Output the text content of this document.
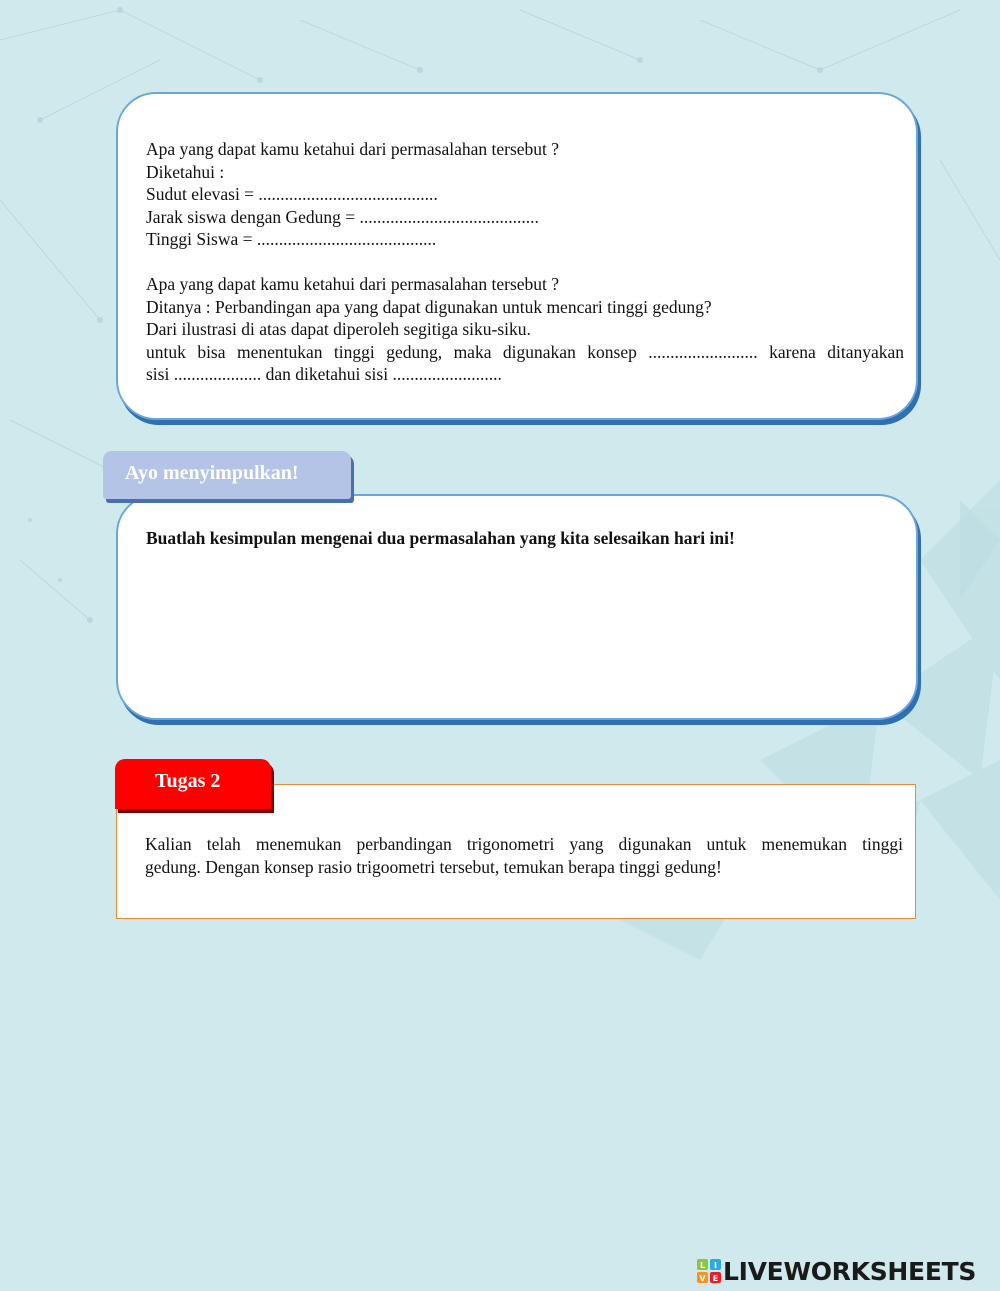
Apa yang dapat kamu ketahui dari permasalahan tersebut ?
Diketahui :
Sudut elevasi = .........................................
Jarak siswa dengan Gedung = .........................................
Tinggi Siswa = .........................................
Apa yang dapat kamu ketahui dari permasalahan tersebut ?
Ditanya : Perbandingan apa yang dapat digunakan untuk mencari tinggi gedung?
Dari ilustrasi di atas dapat diperoleh segitiga siku-siku.
untuk bisa menentukan tinggi gedung, maka digunakan konsep ......................... karena ditanyakan
sisi .................... dan diketahui sisi .........................
Buatlah kesimpulan mengenai dua permasalahan yang kita selesaikan hari ini!
Ayo menyimpulkan!
Kalian telah menemukan perbandingan trigonometri yang digunakan untuk menemukan tinggi
gedung. Dengan konsep rasio trigoometri tersebut, temukan berapa tinggi gedung!
Tugas 2
L I
V E LIVEWORKSHEETS
